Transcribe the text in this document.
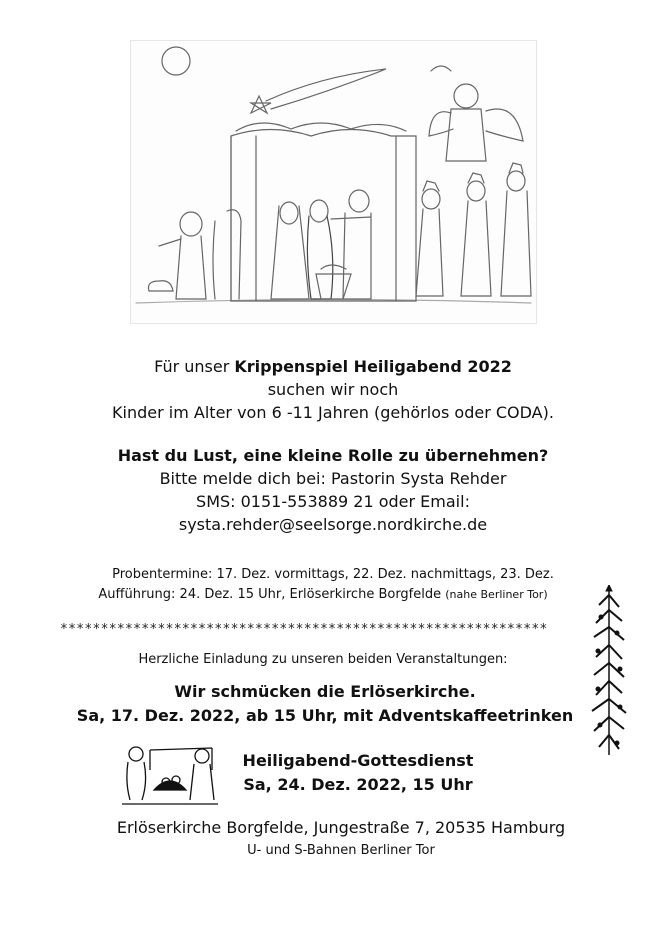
Für unser Krippenspiel Heiligabend 2022
suchen wir noch
Kinder im Alter von 6 -11 Jahren (gehörlos oder CODA).
Hast du Lust, eine kleine Rolle zu übernehmen?
Bitte melde dich bei: Pastorin Systa Rehder
SMS: 0151-553889 21 oder Email:
systa.rehder@seelsorge.nordkirche.de
Probentermine: 17. Dez. vormittags, 22. Dez. nachmittags, 23. Dez.
Aufführung: 24. Dez. 15 Uhr, Erlöserkirche Borgfelde (nahe Berliner Tor)
************************************************************
Herzliche Einladung zu unseren beiden Veranstaltungen:
Wir schmücken die Erlöserkirche.
Sa, 17. Dez. 2022, ab 15 Uhr, mit Adventskaffeetrinken
Heiligabend-Gottesdienst
Sa, 24. Dez. 2022, 15 Uhr
Erlöserkirche Borgfelde, Jungestraße 7, 20535 Hamburg
U- und S-Bahnen Berliner Tor
